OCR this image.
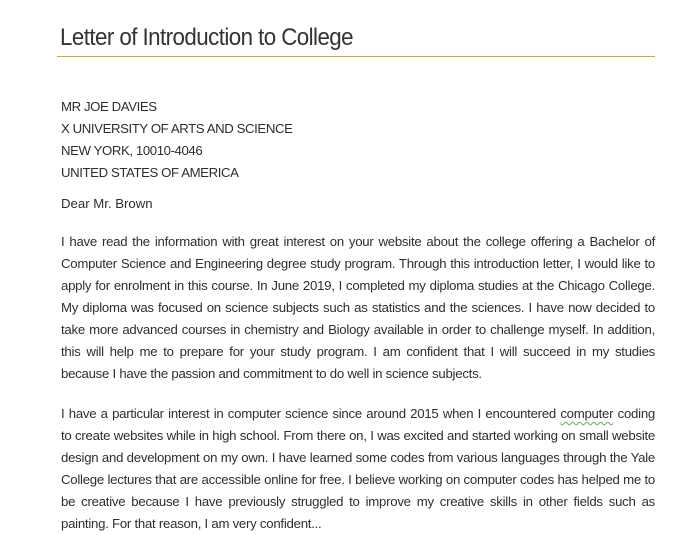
Letter of Introduction to College
MR JOE DAVIES
X UNIVERSITY OF ARTS AND SCIENCE
NEW YORK, 10010-4046
UNITED STATES OF AMERICA
Dear Mr. Brown

I have read the information with great interest on your website about the college offering a Bachelor of Computer Science and Engineering degree study program. Through this introduction letter, I would like to apply for enrolment in this course. In June 2019, I completed my diploma studies at the Chicago College. My diploma was focused on science subjects such as statistics and the sciences. I have now decided to take more advanced courses in chemistry and Biology available in order to challenge myself. In addition, this will help me to prepare for your study program. I am confident that I will succeed in my studies because I have the passion and commitment to do well in science subjects.

I have a particular interest in computer science since around 2015 when I encountered computer coding to create websites while in high school. From there on, I was excited and started working on small website design and development on my own. I have learned some codes from various languages through the Yale College lectures that are accessible online for free. I believe working on computer codes has helped me to be creative because I have previously struggled to improve my creative skills in other fields such as painting. For that reason, I am very confident...
